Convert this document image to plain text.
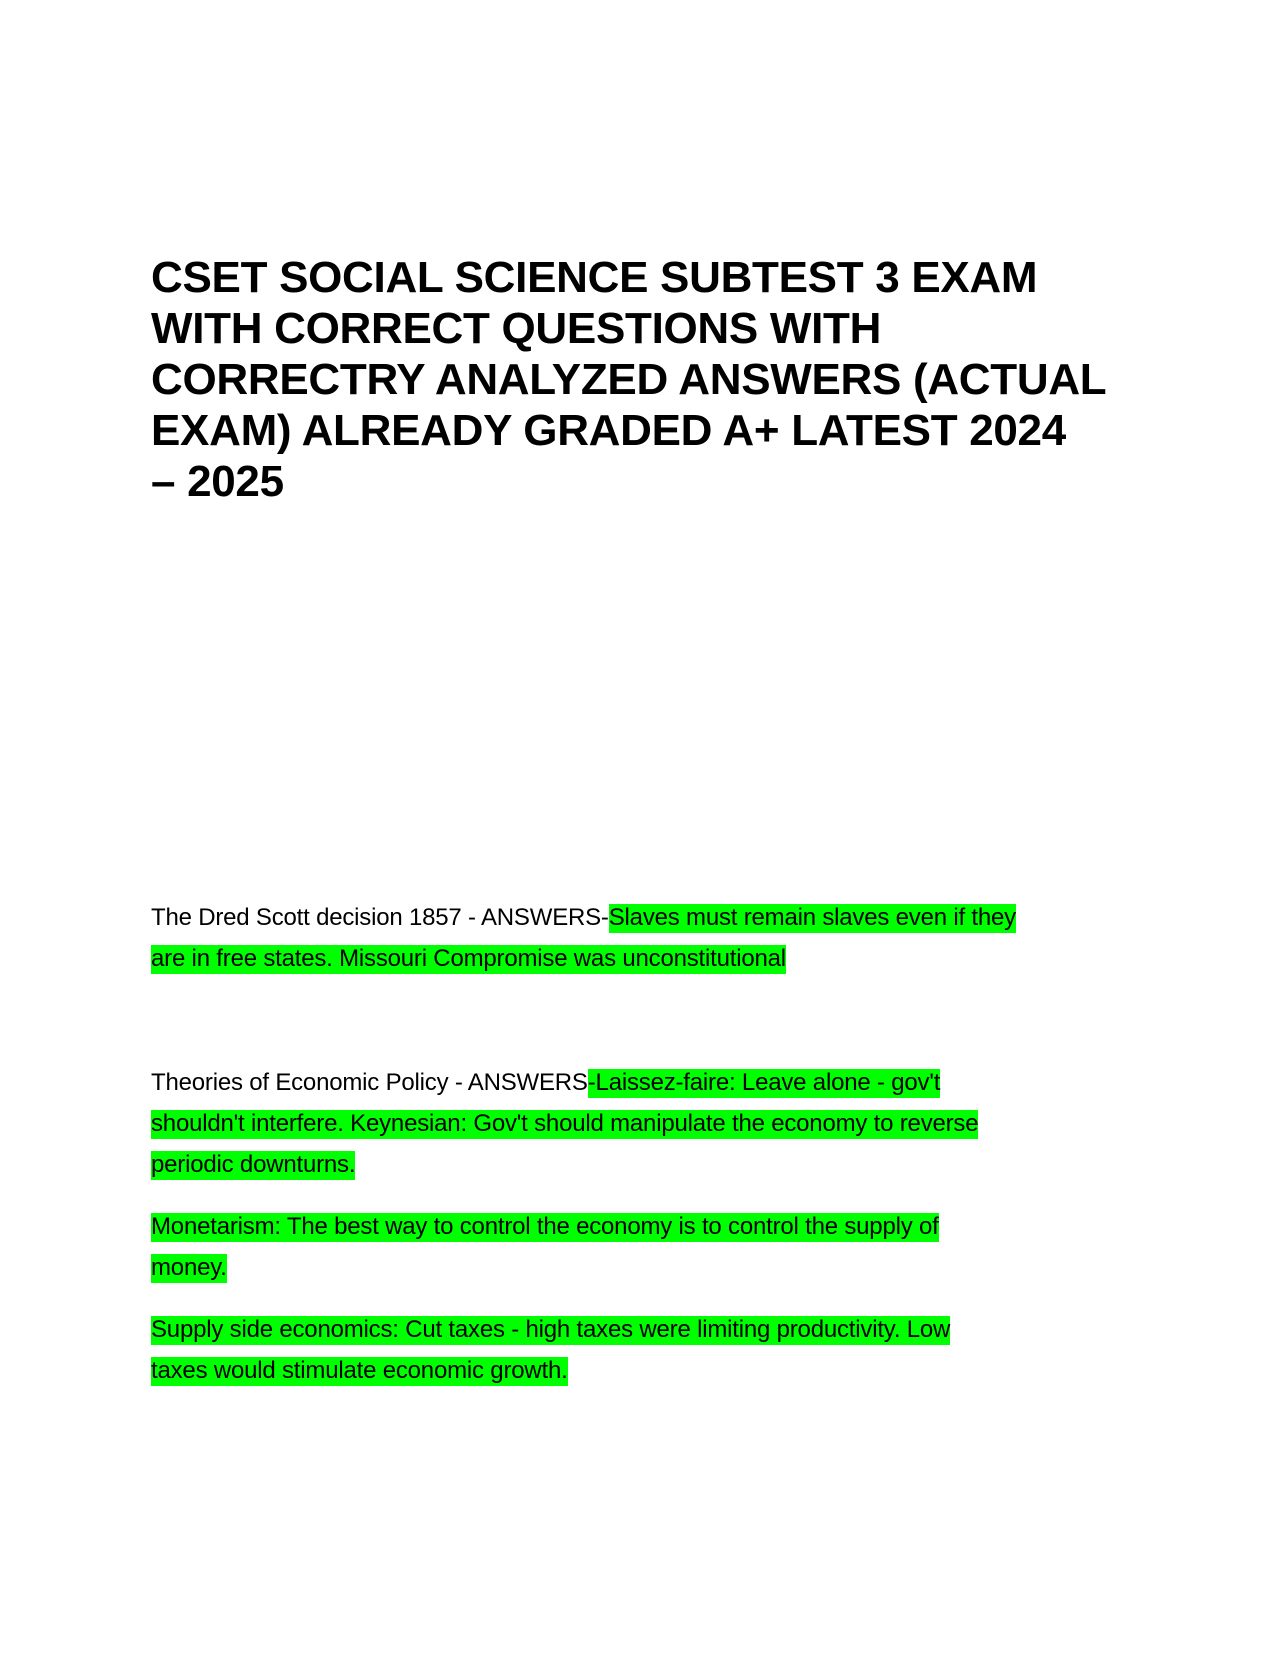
CSET SOCIAL SCIENCE SUBTEST 3 EXAM
WITH CORRECT QUESTIONS WITH
CORRECTRY ANALYZED ANSWERS (ACTUAL
EXAM) ALREADY GRADED A+ LATEST 2024
– 2025
The Dred Scott decision 1857 - ANSWERS-Slaves must remain slaves even if they
are in free states. Missouri Compromise was unconstitutional
Theories of Economic Policy - ANSWERS-Laissez-faire: Leave alone - gov't
shouldn't interfere. Keynesian: Gov't should manipulate the economy to reverse
periodic downturns.
Monetarism: The best way to control the economy is to control the supply of
money.
Supply side economics: Cut taxes - high taxes were limiting productivity. Low
taxes would stimulate economic growth.
